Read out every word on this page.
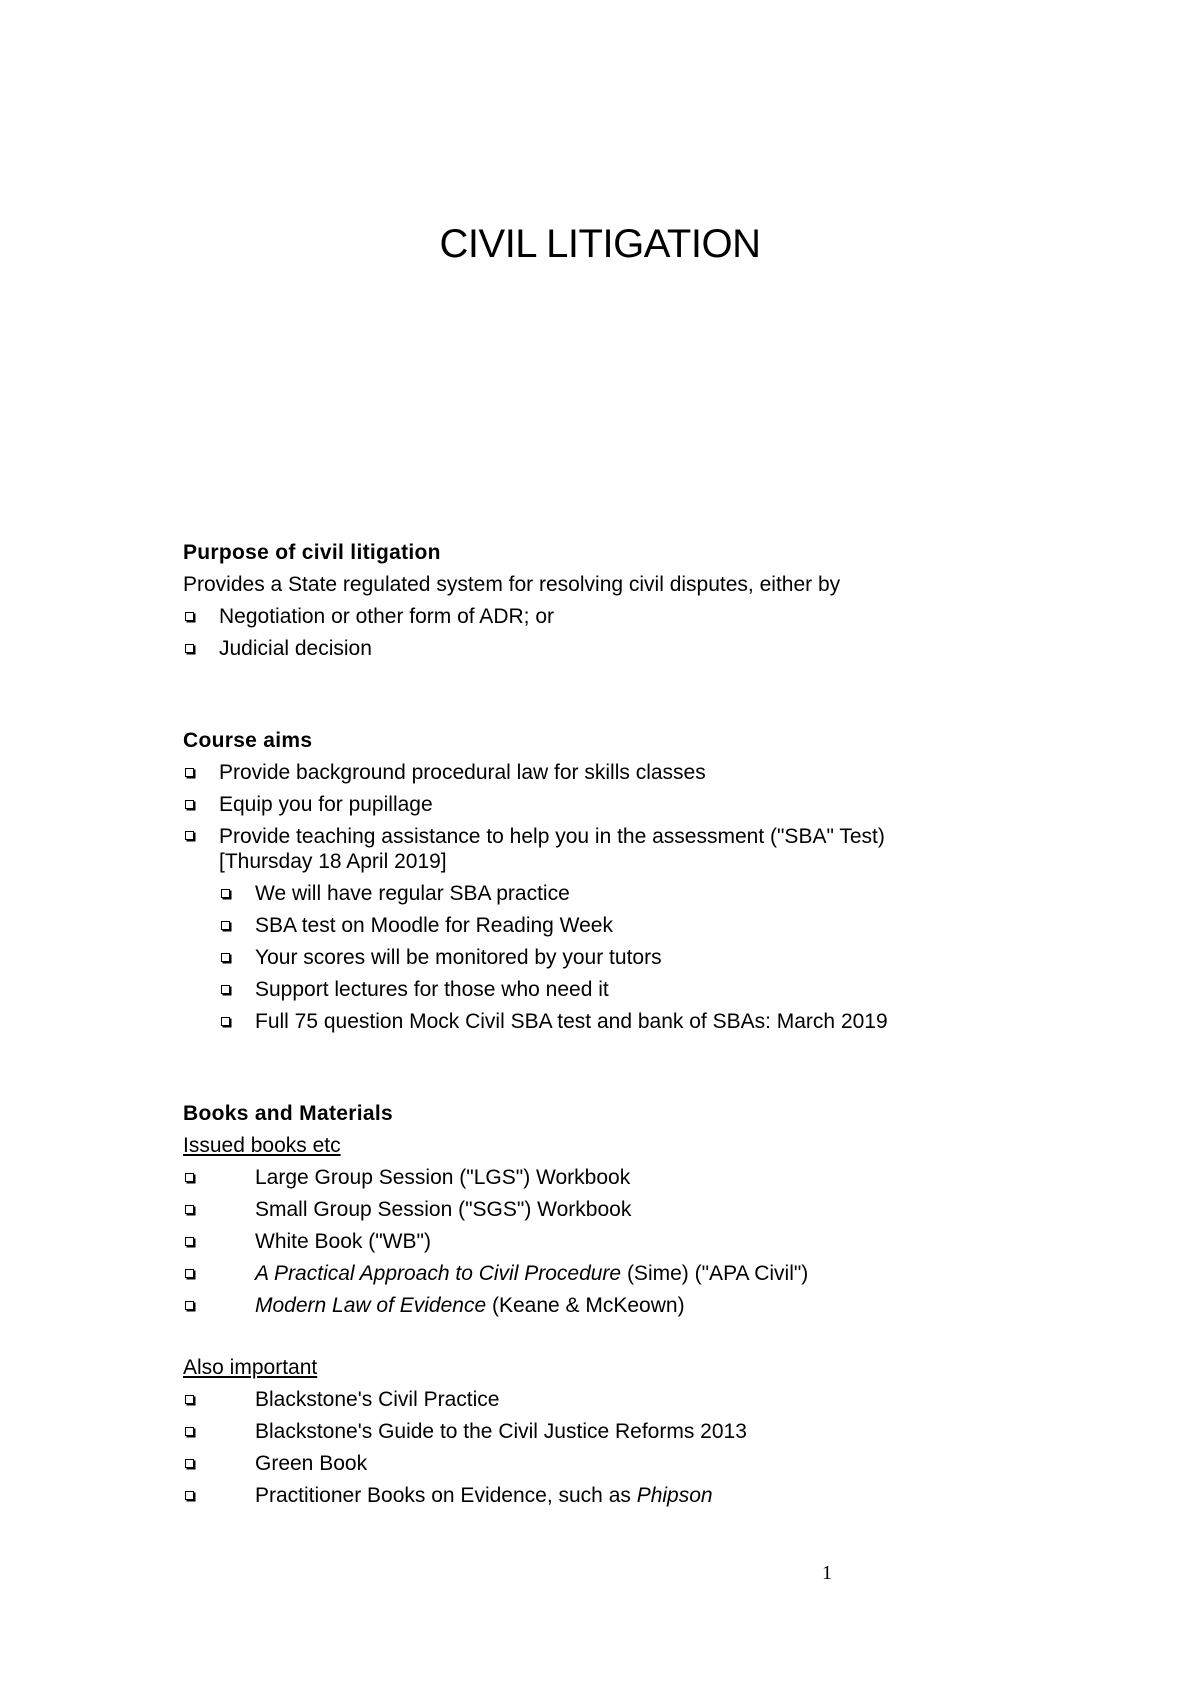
CIVIL LITIGATION
Purpose of civil litigation
Provides a State regulated system for resolving civil disputes, either by
Negotiation or other form of ADR; or
Judicial decision
Course aims
Provide background procedural law for skills classes
Equip you for pupillage
Provide teaching assistance to help you in the assessment ("SBA" Test) [Thursday 18 April 2019]
We will have regular SBA practice
SBA test on Moodle for Reading Week
Your scores will be monitored by your tutors
Support lectures for those who need it
Full 75 question Mock Civil SBA test and bank of SBAs: March 2019
Books and Materials
Issued books etc
Large Group Session ("LGS") Workbook
Small Group Session ("SGS") Workbook
White Book ("WB")
A Practical Approach to Civil Procedure (Sime) ("APA Civil")
Modern Law of Evidence (Keane & McKeown)
Also important
Blackstone's Civil Practice
Blackstone's Guide to the Civil Justice Reforms 2013
Green Book
Practitioner Books on Evidence, such as Phipson
1
